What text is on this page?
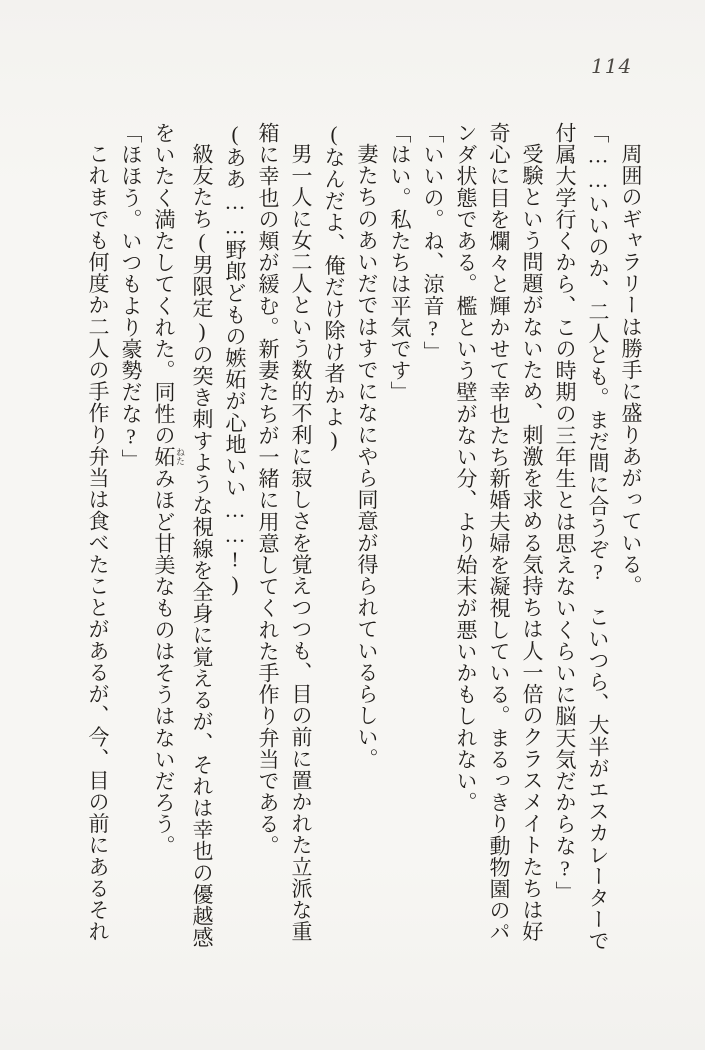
114
周囲のギャラリーは勝手に盛りあがっている。
「……いいのか、二人とも。まだ間に合うぞ?　こいつら、大半がエスカレーターで
付属大学行くから、この時期の三年生とは思えないくらいに脳天気だからな?」
受験という問題がないため、刺激を求める気持ちは人一倍のクラスメイトたちは好
奇心に目を爛々と輝かせて幸也たち新婚夫婦を凝視している。まるっきり動物園のパ
ンダ状態である。檻という壁がない分、より始末が悪いかもしれない。
「いいの。ね、涼音?」
「はい。私たちは平気です」
妻たちのあいだではすでになにやら同意が得られているらしい。
(なんだよ、俺だけ除け者かよ)
男一人に女二人という数的不利に寂しさを覚えつつも、目の前に置かれた立派な重
箱に幸也の頬が緩む。新妻たちが一緒に用意してくれた手作り弁当である。
(ああ……野郎どもの嫉妬が心地いい……!)
級友たち(男限定)の突き刺すような視線を全身に覚えるが、それは幸也の優越感
をいたく満たしてくれた。同性の妬 ねたみほど甘美なものはそうはないだろう。
「ほほう。いつもより豪勢だな?」
これまでも何度か二人の手作り弁当は食べたことがあるが、今、目の前にあるそれ
